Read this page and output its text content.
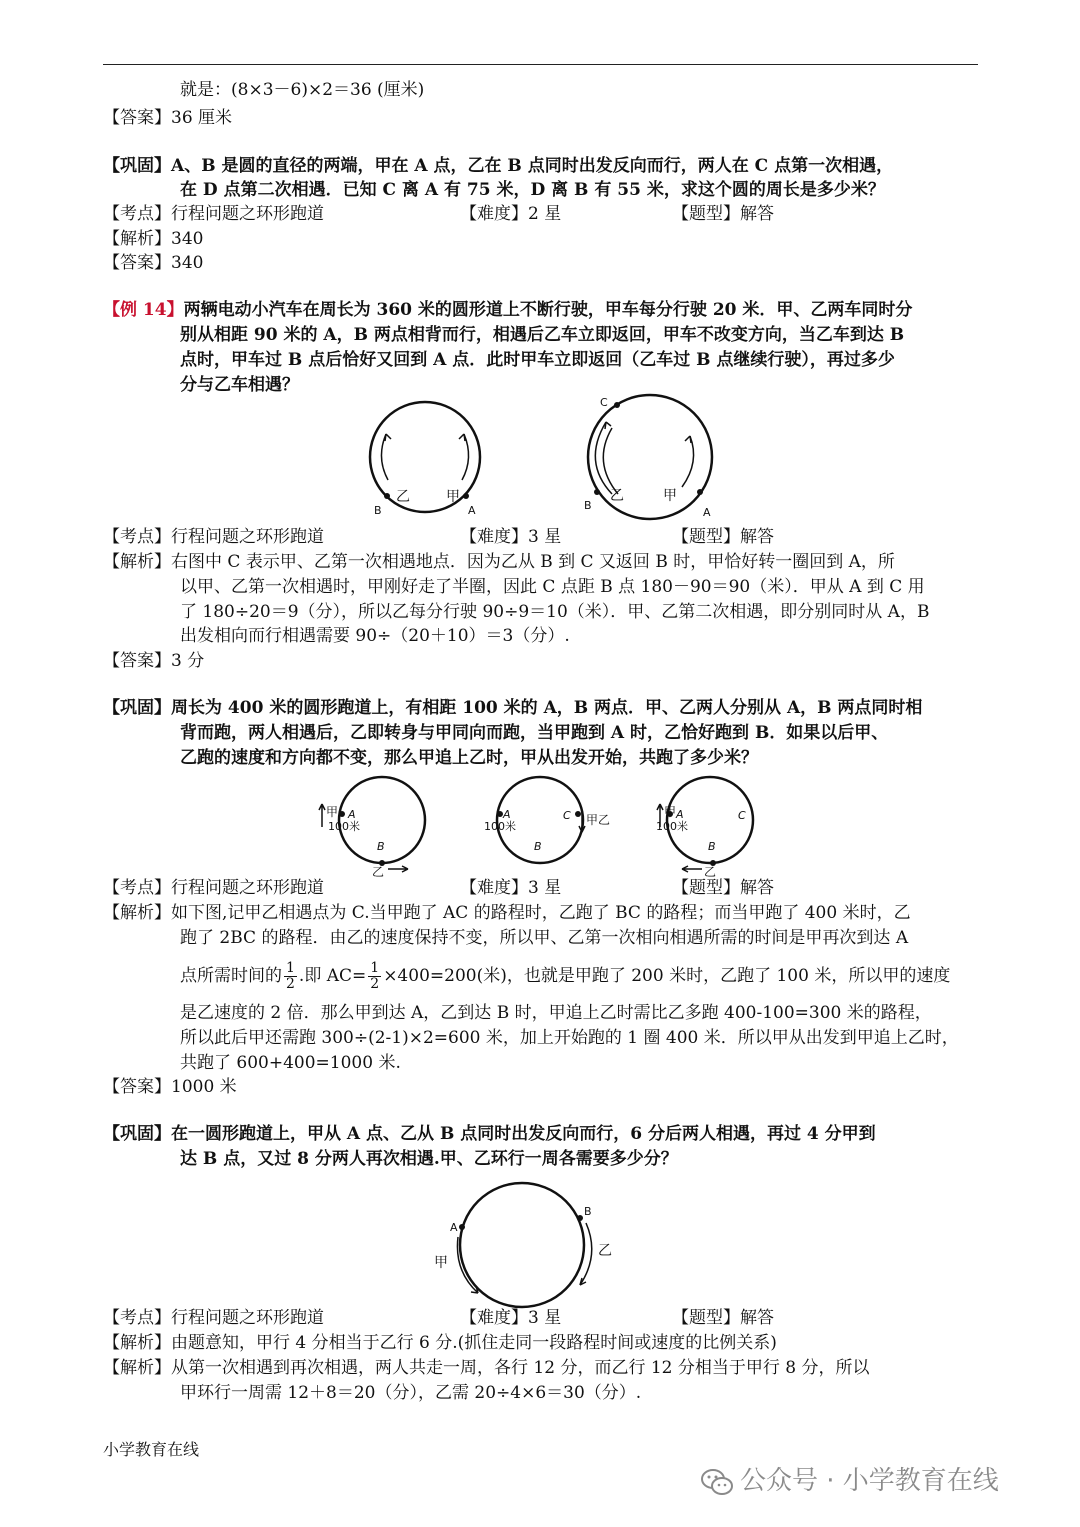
就是：(8×3－6)×2＝36 (厘米)
【答案】36 厘米
【巩固】A、B 是圆的直径的两端，甲在 A 点，乙在 B 点同时出发反向而行，两人在 C 点第一次相遇，
在 D 点第二次相遇．已知 C 离 A 有 75 米，D 离 B 有 55 米，求这个圆的周长是多少米？
【考点】行程问题之环形跑道	【难度】2 星	【题型】解答
【解析】340
【答案】340
【例 14】两辆电动小汽车在周长为 360 米的圆形道上不断行驶，甲车每分行驶 20 米．甲、乙两车同时分
别从相距 90 米的 A，B 两点相背而行，相遇后乙车立即返回，甲车不改变方向，当乙车到达 B
点时，甲车过 B 点后恰好又回到 A 点．此时甲车立即返回（乙车过 B 点继续行驶），再过多少
分与乙车相遇？
乙	甲
B	A
C
乙	甲
B
A
【考点】行程问题之环形跑道	【难度】3 星	【题型】解答
【解析】右图中 C 表示甲、乙第一次相遇地点．因为乙从 B 到 C 又返回 B 时，甲恰好转一圈回到 A，所
以甲、乙第一次相遇时，甲刚好走了半圈，因此 C 点距 B 点 180－90＝90（米）．甲从 A 到 C 用
了 180÷20＝9（分），所以乙每分行驶 90÷9＝10（米）．甲、乙第二次相遇，即分别同时从 A，B
出发相向而行相遇需要 90÷（20＋10）＝3（分）.
【答案】3 分
【巩固】周长为 400 米的圆形跑道上，有相距 100 米的 A，B 两点．甲、乙两人分别从 A，B 两点同时相
背而跑，两人相遇后，乙即转身与甲同向而跑，当甲跑到 A 时，乙恰好跑到 B．如果以后甲、
乙跑的速度和方向都不变，那么甲追上乙时，甲从出发开始，共跑了多少米？
甲 A
100米
B
乙
A
100米
C
B
甲乙
甲 A
100米
C
B
乙
【考点】行程问题之环形跑道	【难度】3 星	【题型】解答
【解析】如下图,记甲乙相遇点为 C.当甲跑了 AC 的路程时，乙跑了 BC 的路程；而当甲跑了 400 米时，乙
跑了 2BC 的路程．由乙的速度保持不变，所以甲、乙第一次相向相遇所需的时间是甲再次到达 A
点所需时间的 $\frac{1}{2}$ .即 $AC= \frac{1}{2} \times 400=200$(米)，也就是甲跑了 200 米时，乙跑了 100 米，所以甲的速度
是乙速度的 2 倍．那么甲到达 A，乙到达 B 时，甲追上乙时需比乙多跑 400-100=300 米的路程，
所以此后甲还需跑 300÷(2-1)×2=600 米，加上开始跑的 1 圈 400 米．所以甲从出发到甲追上乙时，
共跑了 600+400=1000 米.
【答案】1000 米
【巩固】在一圆形跑道上，甲从 A 点、乙从 B 点同时出发反向而行，6 分后两人相遇，再过 4 分甲到
达 B 点，又过 8 分两人再次相遇.甲、乙环行一周各需要多少分？
A
B
甲
乙
【考点】行程问题之环形跑道	【难度】3 星	【题型】解答
【解析】由题意知，甲行 4 分相当于乙行 6 分.(抓住走同一段路程时间或速度的比例关系)
【解析】从第一次相遇到再次相遇，两人共走一周，各行 12 分，而乙行 12 分相当于甲行 8 分，所以
甲环行一周需 12＋8＝20（分），乙需 20÷4×6＝30（分）.
小学教育在线
公众号 · 小学教育在线
